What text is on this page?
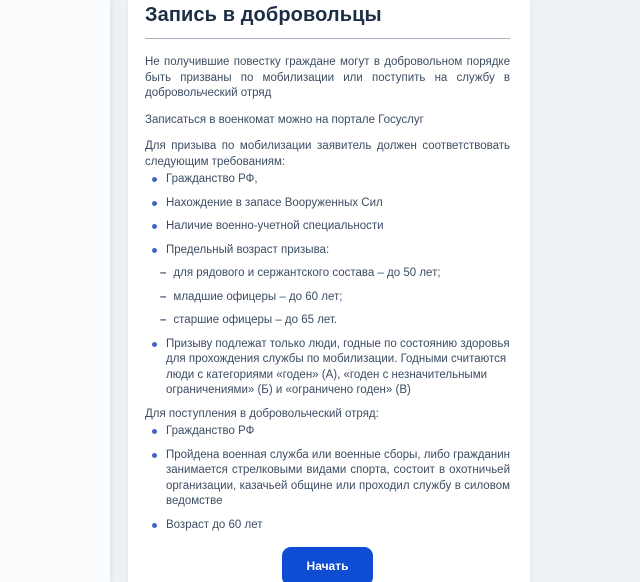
Запись в добровольцы

Не получившие повестку граждане могут в добровольном порядке быть призваны по мобилизации или поступить на службу в добровольческий отряд

Записаться в военкомат можно на портале Госуслуг

Для призыва по мобилизации заявитель должен соответствовать следующим требованиям:

Гражданство РФ,
Нахождение в запасе Вооруженных Сил
Наличие военно-учетной специальности
Предельный возраст призыва:
– для рядового и сержантского состава – до 50 лет;
– младшие офицеры – до 60 лет;
– старшие офицеры – до 65 лет.
Призыву подлежат только люди, годные по состоянию здоровья для прохождения службы по мобилизации. Годными считаются люди с категориями «годен» (А), «годен с незначительными ограничениями» (Б) и «ограничено годен» (В)

Для поступления в добровольческий отряд:

Гражданство РФ
Пройдена военная служба или военные сборы, либо гражданин занимается стрелковыми видами спорта, состоит в охотничьей организации, казачьей общине или проходил службу в силовом ведомстве
Возраст до 60 лет
Начать
